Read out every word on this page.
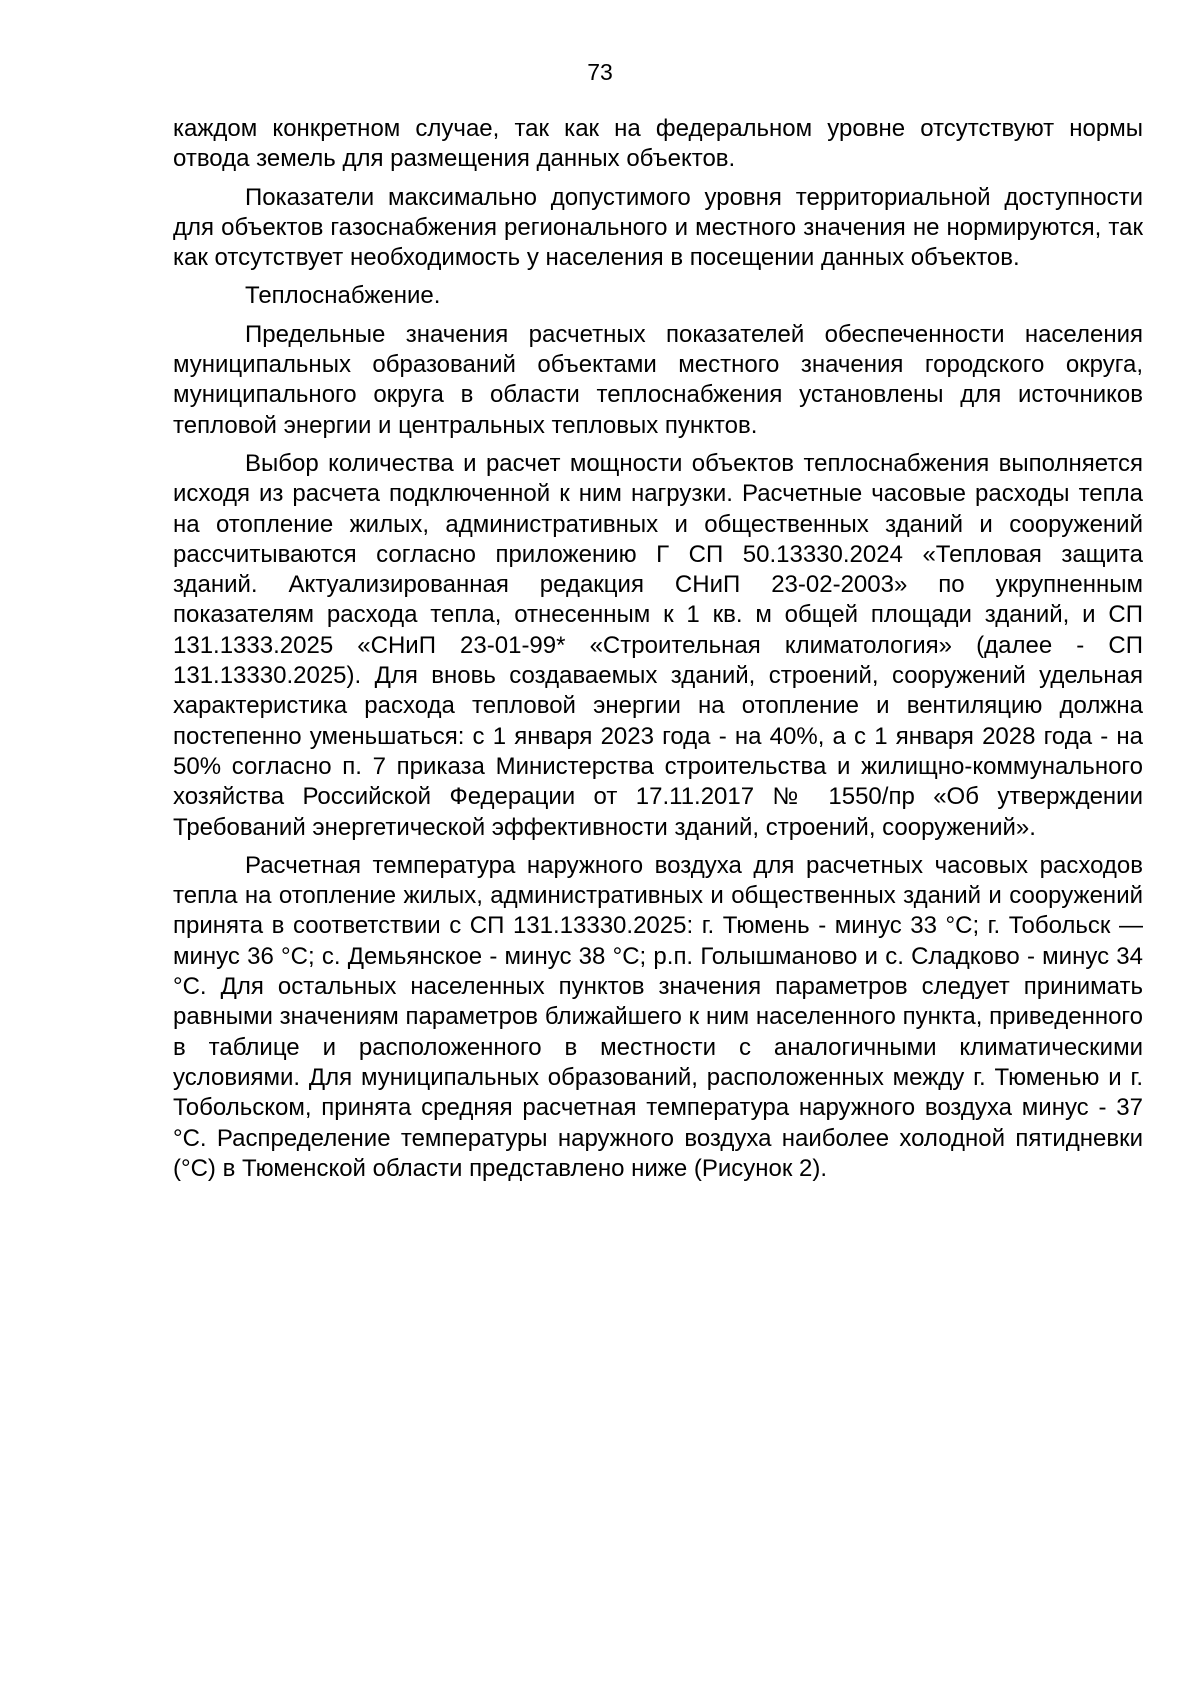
73

каждом конкретном случае, так как на федеральном уровне отсутствуют нормы отвода земель для размещения данных объектов.

Показатели максимально допустимого уровня территориальной доступности для объектов газоснабжения регионального и местного значения не нормируются, так как отсутствует необходимость у населения в посещении данных объектов.

Теплоснабжение.

Предельные значения расчетных показателей обеспеченности населения муниципальных образований объектами местного значения городского округа, муниципального округа в области теплоснабжения установлены для источников тепловой энергии и центральных тепловых пунктов.

Выбор количества и расчет мощности объектов теплоснабжения выполняется исходя из расчета подключенной к ним нагрузки. Расчетные часовые расходы тепла на отопление жилых, административных и общественных зданий и сооружений рассчитываются согласно приложению Г СП 50.13330.2024 «Тепловая защита зданий. Актуализированная редакция СНиП 23-02-2003» по укрупненным показателям расхода тепла, отнесенным к 1 кв. м общей площади зданий, и СП 131.1333.2025 «СНиП 23-01-99* «Строительная климатология» (далее - СП 131.13330.2025). Для вновь создаваемых зданий, строений, сооружений удельная характеристика расхода тепловой энергии на отопление и вентиляцию должна постепенно уменьшаться: с 1 января 2023 года - на 40%, а с 1 января 2028 года - на 50% согласно п. 7 приказа Министерства строительства и жилищно-коммунального хозяйства Российской Федерации от 17.11.2017 № 1550/пр «Об утверждении Требований энергетической эффективности зданий, строений, сооружений».

Расчетная температура наружного воздуха для расчетных часовых расходов тепла на отопление жилых, административных и общественных зданий и сооружений принята в соответствии с СП 131.13330.2025: г. Тюмень - минус 33 °С; г. Тобольск — минус 36 °С; с. Демьянское - минус 38 °С; р.п. Голышманово и с. Сладково - минус 34 °С. Для остальных населенных пунктов значения параметров следует принимать равными значениям параметров ближайшего к ним населенного пункта, приведенного в таблице и расположенного в местности с аналогичными климатическими условиями. Для муниципальных образований, расположенных между г. Тюменью и г. Тобольском, принята средняя расчетная температура наружного воздуха минус - 37 °С. Распределение температуры наружного воздуха наиболее холодной пятидневки (°С) в Тюменской области представлено ниже (Рисунок 2).
